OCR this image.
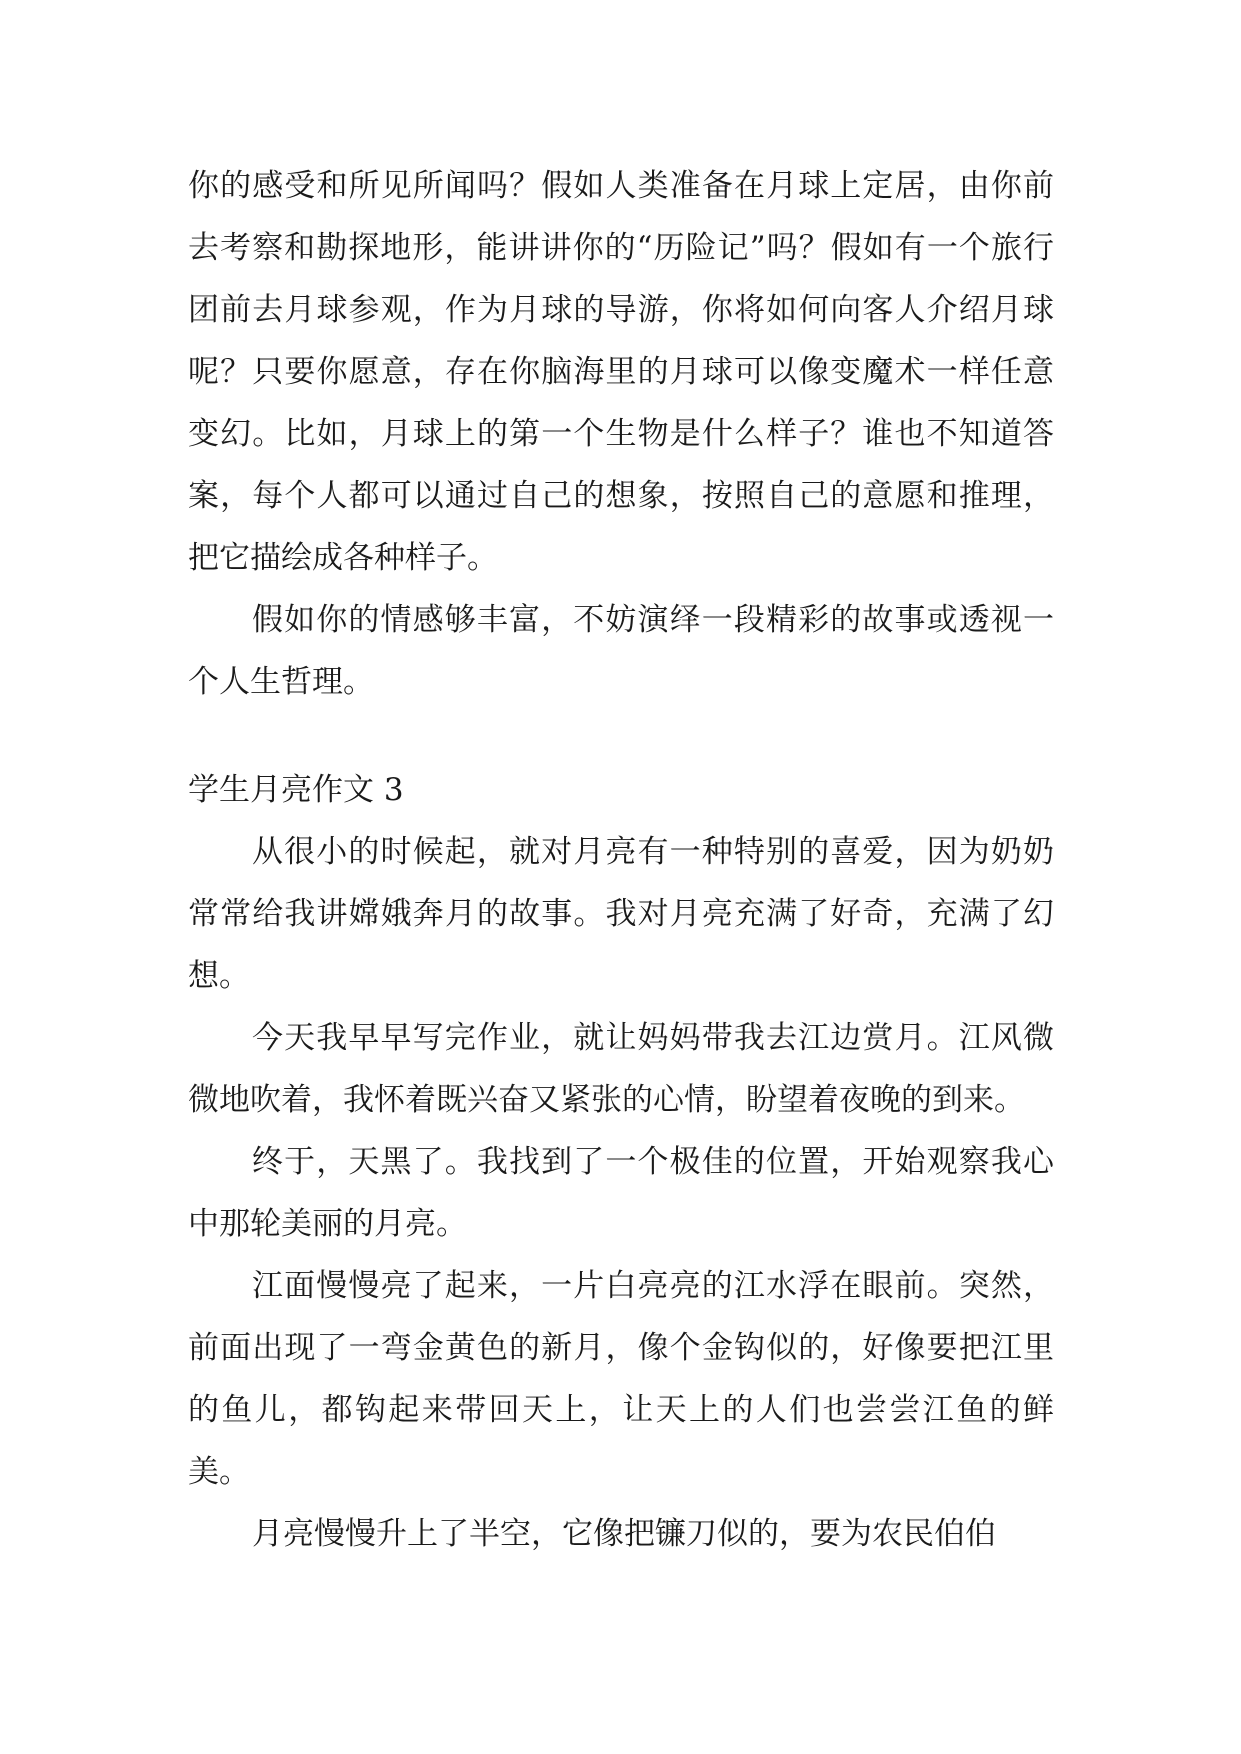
你的感受和所见所闻吗？假如人类准备在月球上定居，由你前去考察和勘探地形，能讲讲你的“历险记”吗？假如有一个旅行团前去月球参观，作为月球的导游，你将如何向客人介绍月球呢？只要你愿意，存在你脑海里的月球可以像变魔术一样任意变幻。比如，月球上的第一个生物是什么样子？谁也不知道答案，每个人都可以通过自己的想象，按照自己的意愿和推理，把它描绘成各种样子。

假如你的情感够丰富，不妨演绎一段精彩的故事或透视一个人生哲理。

学生月亮作文 3

从很小的时候起，就对月亮有一种特别的喜爱，因为奶奶常常给我讲嫦娥奔月的故事。我对月亮充满了好奇，充满了幻想。

今天我早早写完作业，就让妈妈带我去江边赏月。江风微微地吹着，我怀着既兴奋又紧张的心情，盼望着夜晚的到来。

终于，天黑了。我找到了一个极佳的位置，开始观察我心中那轮美丽的月亮。

江面慢慢亮了起来，一片白亮亮的江水浮在眼前。突然，前面出现了一弯金黄色的新月，像个金钩似的，好像要把江里的鱼儿，都钩起来带回天上，让天上的人们也尝尝江鱼的鲜美。

月亮慢慢升上了半空，它像把镰刀似的，要为农民伯伯
